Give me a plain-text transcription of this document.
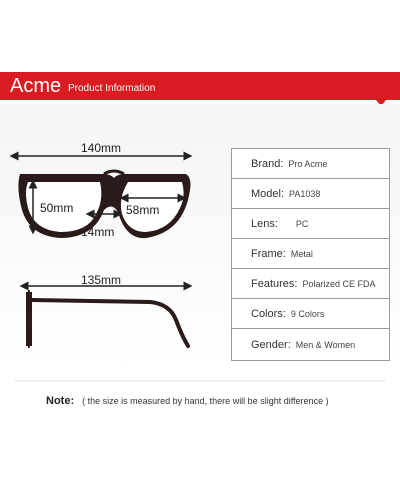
Acme Product Information
140mm
50mm	58mm
14mm
135mm
Brand: Pro Acme
Model: PA1038
Lens: PC
Frame: Metal
Features: Polarized CE FDA
Colors: 9 Colors
Gender: Men & Women
Note: ( the size is measured by hand, there will be slight difference )
